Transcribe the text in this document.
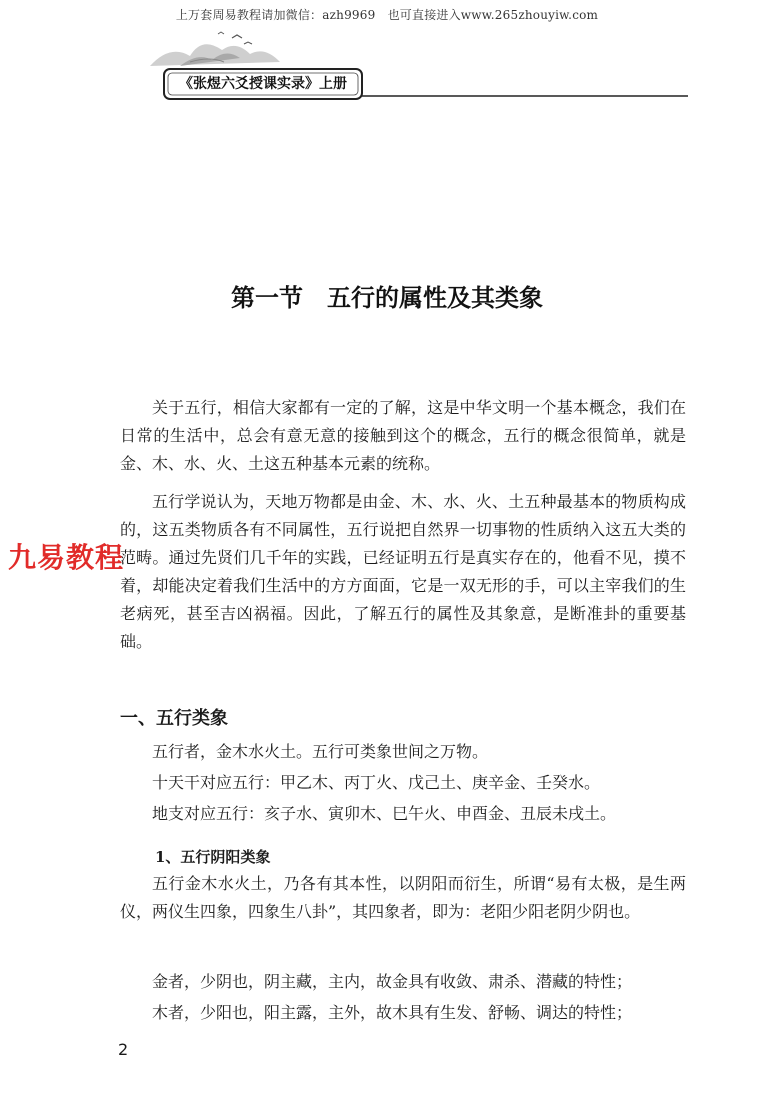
上万套周易教程请加微信：azh9969　也可直接进入www.265zhouyiw.com
《张煜六爻授课实录》上册
第一节　五行的属性及其类象

关于五行，相信大家都有一定的了解，这是中华文明一个基本概念，我们在日常的生活中，总会有意无意的接触到这个的概念，五行的概念很简单，就是金、木、水、火、土这五种基本元素的统称。

五行学说认为，天地万物都是由金、木、水、火、土五种最基本的物质构成的，这五类物质各有不同属性，五行说把自然界一切事物的性质纳入这五大类的范畴。通过先贤们几千年的实践，已经证明五行是真实存在的，他看不见，摸不着，却能决定着我们生活中的方方面面，它是一双无形的手，可以主宰我们的生老病死，甚至吉凶祸福。因此，了解五行的属性及其象意，是断准卦的重要基础。

九易教程
一、五行类象

五行者，金木水火土。五行可类象世间之万物。

十天干对应五行：甲乙木、丙丁火、戊己土、庚辛金、壬癸水。

地支对应五行：亥子水、寅卯木、巳午火、申酉金、丑辰未戌土。

1、五行阴阳类象

五行金木水火土，乃各有其本性，以阴阳而衍生，所谓“易有太极，是生两仪，两仪生四象，四象生八卦”，其四象者，即为：老阳少阳老阴少阴也。

金者，少阴也，阴主藏，主内，故金具有收敛、肃杀、潜藏的特性；

木者，少阳也，阳主露，主外，故木具有生发、舒畅、调达的特性；

2
